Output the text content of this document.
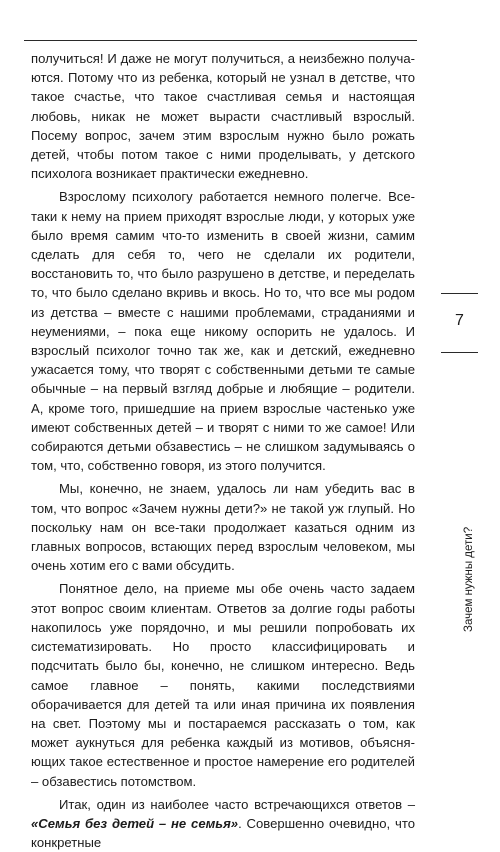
получиться! И даже не могут получиться, а неизбежно получаются. Потому что из ребенка, который не узнал в детстве, что такое счастье, что такое счастливая семья и настоящая любовь, никак не может вырасти счастливый взрослый. Посему вопрос, зачем этим взрослым нужно было рожать детей, чтобы потом такое с ними проделывать, у детского психолога возникает практически ежедневно.

Взрослому психологу работается немного полегче. Все-таки к нему на прием приходят взрослые люди, у которых уже было время самим что-то изменить в своей жизни, самим сделать для себя то, чего не сделали их родители, восстановить то, что было разрушено в детстве, и переделать то, что было сделано вкривь и вкось. Но то, что все мы родом из детства – вместе с нашими проблемами, страданиями и неумениями, – пока еще никому оспорить не удалось. И взрослый психолог точно так же, как и детский, ежедневно ужасается тому, что творят с собственными детьми те самые обычные – на первый взгляд добрые и любящие – родители. А, кроме того, пришедшие на прием взрослые частенько уже имеют собственных детей – и творят с ними то же самое! Или собираются детьми обзавестись – не слишком задумываясь о том, что, собственно говоря, из этого получится.

Мы, конечно, не знаем, удалось ли нам убедить вас в том, что вопрос «Зачем нужны дети?» не такой уж глупый. Но поскольку нам он все-таки продолжает казаться одним из главных вопросов, встающих перед взрослым человеком, мы очень хотим его с вами обсудить.

Понятное дело, на приеме мы обе очень часто задаем этот вопрос своим клиентам. Ответов за долгие годы работы накопилось уже порядочно, и мы решили попробовать их систематизировать. Но просто классифицировать и подсчитать было бы, конечно, не слишком интересно. Ведь самое главное – понять, какими последствиями оборачивается для детей та или иная причина их появления на свет. Поэтому мы и постараемся рассказать о том, как может аукнуться для ребенка каждый из мотивов, объясняющих такое естественное и простое намерение его родителей – обзавестись потомством.

Итак, один из наиболее часто встречающихся ответов – «Семья без детей – не семья». Совершенно очевидно, что конкретные

7
Зачем нужны дети?
